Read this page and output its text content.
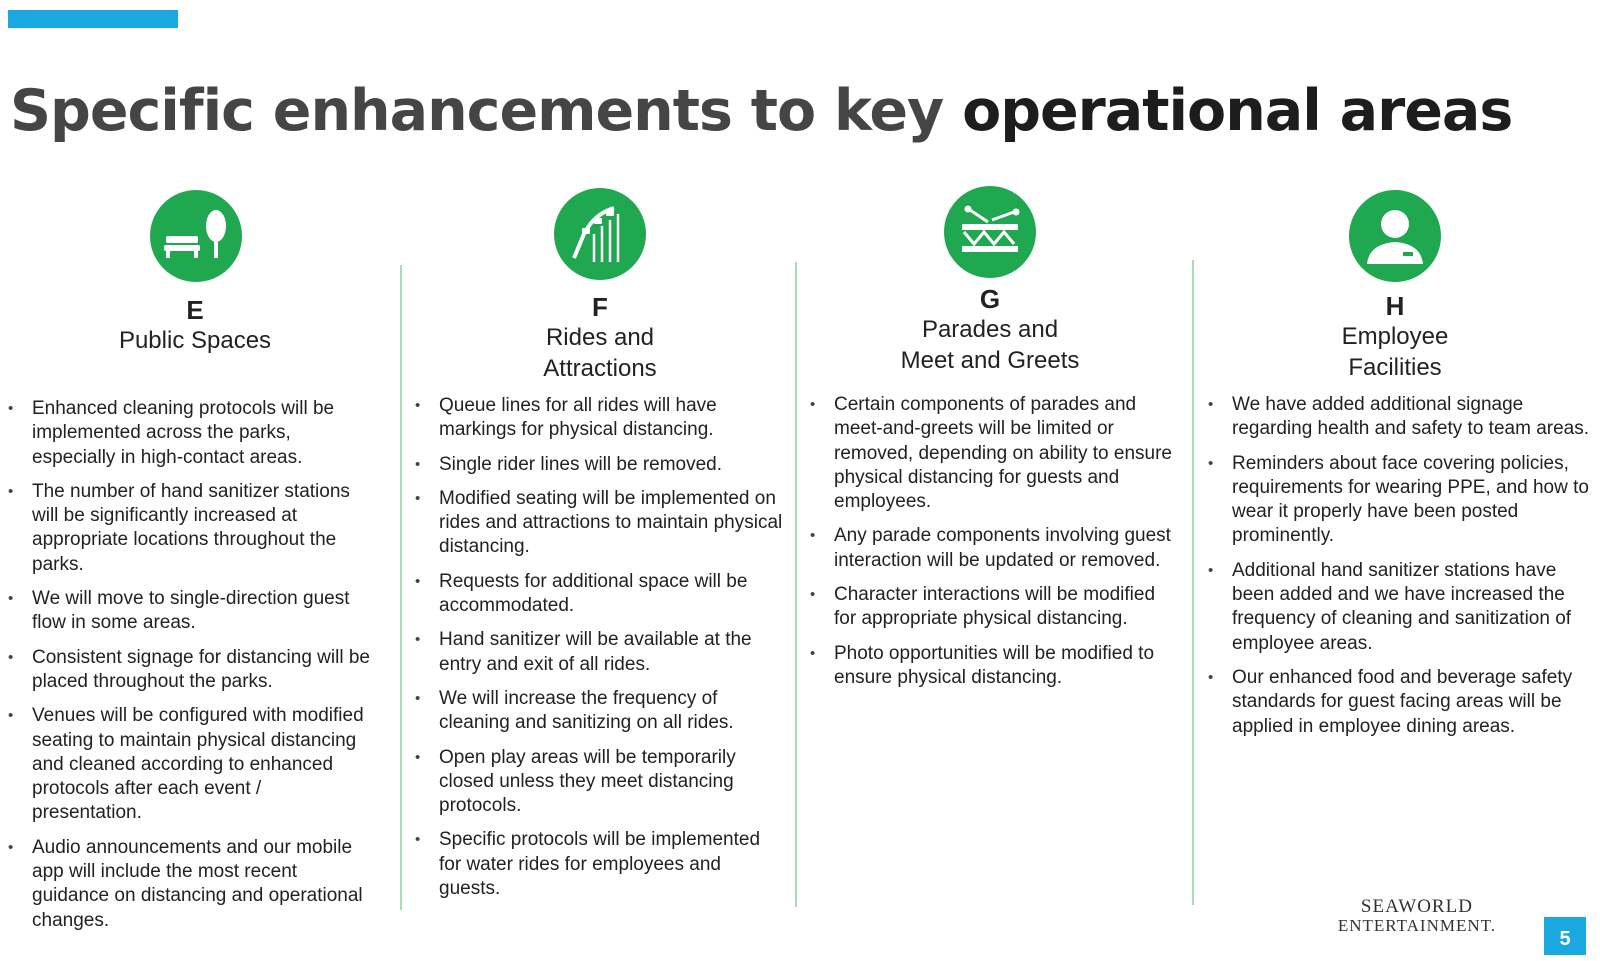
Specific enhancements to key operational areas
E
Public Spaces
• Enhanced cleaning protocols will be implemented across the parks, especially in high-contact areas.
• The number of hand sanitizer stations will be significantly increased at appropriate locations throughout the parks.
• We will move to single-direction guest flow in some areas.
• Consistent signage for distancing will be placed throughout the parks.
• Venues will be configured with modified seating to maintain physical distancing and cleaned according to enhanced protocols after each event / presentation.
• Audio announcements and our mobile app will include the most recent guidance on distancing and operational changes.
F
Rides and
Attractions
• Queue lines for all rides will have markings for physical distancing.
• Single rider lines will be removed.
• Modified seating will be implemented on rides and attractions to maintain physical distancing.
• Requests for additional space will be accommodated.
• Hand sanitizer will be available at the entry and exit of all rides.
• We will increase the frequency of cleaning and sanitizing on all rides.
• Open play areas will be temporarily closed unless they meet distancing protocols.
• Specific protocols will be implemented for water rides for employees and guests.
G
Parades and
Meet and Greets
• Certain components of parades and meet-and-greets will be limited or removed, depending on ability to ensure physical distancing for guests and employees.
• Any parade components involving guest interaction will be updated or removed.
• Character interactions will be modified for appropriate physical distancing.
• Photo opportunities will be modified to ensure physical distancing.
H
Employee
Facilities
• We have added additional signage regarding health and safety to team areas.
• Reminders about face covering policies, requirements for wearing PPE, and how to wear it properly have been posted prominently.
• Additional hand sanitizer stations have been added and we have increased the frequency of cleaning and sanitization of employee areas.
• Our enhanced food and beverage safety standards for guest facing areas will be applied in employee dining areas.
SEAWORLD
ENTERTAINMENT.
5
